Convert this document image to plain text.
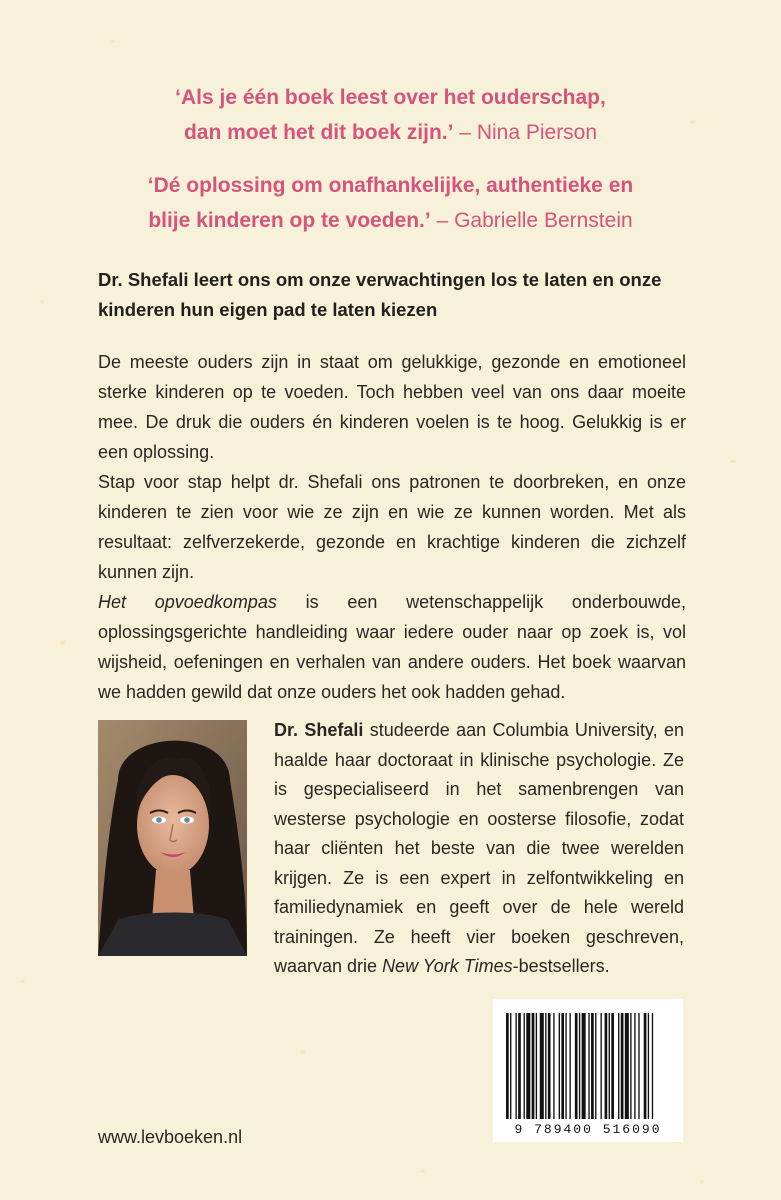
‘Als je één boek leest over het ouderschap,
dan moet het dit boek zijn.’ – Nina Pierson
‘Dé oplossing om onafhankelijke, authentieke en
blije kinderen op te voeden.’ – Gabrielle Bernstein
Dr. Shefali leert ons om onze verwachtingen los te laten en onze kinderen hun eigen pad te laten kiezen

De meeste ouders zijn in staat om gelukkige, gezonde en emotioneel sterke kinderen op te voeden. Toch hebben veel van ons daar moeite mee. De druk die ouders én kinderen voelen is te hoog. Gelukkig is er een oplossing.

Stap voor stap helpt dr. Shefali ons patronen te doorbreken, en onze kinderen te zien voor wie ze zijn en wie ze kunnen worden. Met als resultaat: zelfverzekerde, gezonde en krachtige kinderen die zichzelf kunnen zijn.

Het opvoedkompas is een wetenschappelijk onderbouwde, oplossingsgerichte handleiding waar iedere ouder naar op zoek is, vol wijsheid, oefeningen en verhalen van andere ouders. Het boek waarvan we hadden gewild dat onze ouders het ook hadden gehad.

Dr. Shefali studeerde aan Columbia University, en haalde haar doctoraat in klinische psychologie. Ze is gespecialiseerd in het samenbrengen van westerse psychologie en oosterse filosofie, zodat haar cliënten het beste van die twee werelden krijgen. Ze is een expert in zelfontwikkeling en familiedynamiek en geeft over de hele wereld trainingen. Ze heeft vier boeken geschreven, waarvan drie New York Times-bestsellers.
9 789400 516090
www.levboeken.nl
